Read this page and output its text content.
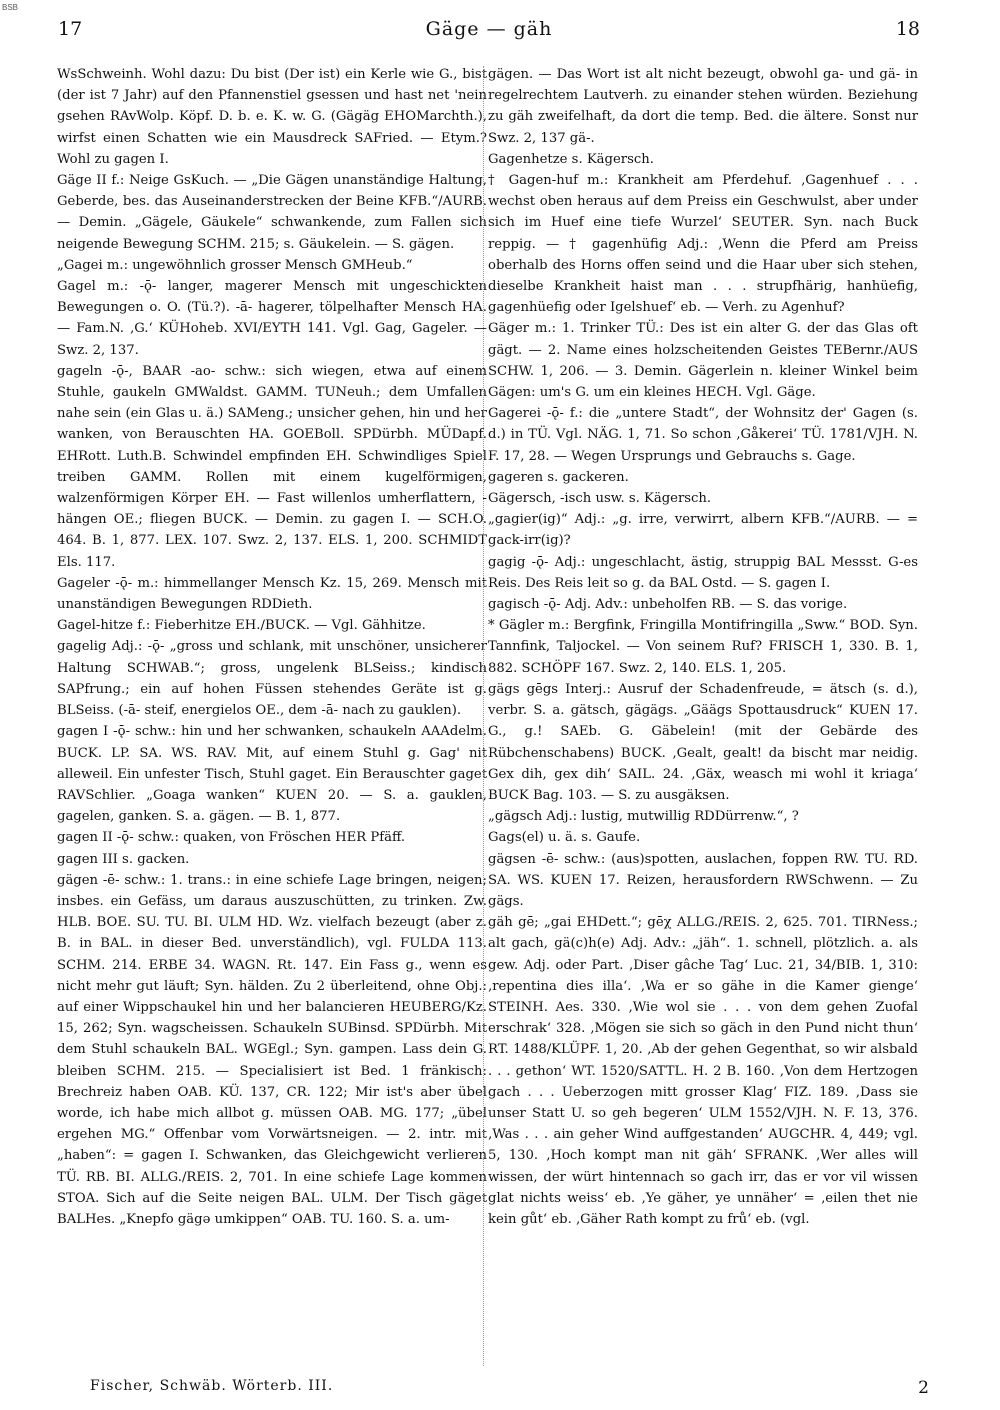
BSB
17	Gäge — gäh	18

WsSchweinh. Wohl dazu: Du bist (Der ist) ein Kerle wie G., bist (der ist 7 Jahr) auf den Pfannenstiel gsessen und hast net 'nein gsehen RAvWolp. Köpf. D. b. e. K. w. G. (Gägäg EHOMarchth.), wirfst einen Schatten wie ein Mausdreck SAFried. — Etym.? Wohl zu gagen I.

Gäge II f.: Neige GsKuch. — „Die Gägen unanständige Haltung, Geberde, bes. das Auseinanderstrecken der Beine KFB.“/AURB. — Demin. „Gägele, Gäukele“ schwankende, zum Fallen sich neigende Bewegung SCHM. 215; s. Gäukelein. — S. gägen.

„Gagei m.: ungewöhnlich grosser Mensch GMHeub.“

Gagel m.: -ǭ- langer, magerer Mensch mit ungeschickten Bewegungen o. O. (Tü.?). -ā- hagerer, tölpelhafter Mensch HA. — Fam.N. ‚G.‘ KÜHoheb. XVI/EYTH 141. Vgl. Gag, Gageler. — Swz. 2, 137.

gageln -ǭ-, BAAR -ao- schw.: sich wiegen, etwa auf einem Stuhle, gaukeln GMWaldst. GAMM. TUNeuh.; dem Umfallen nahe sein (ein Glas u. ä.) SAMeng.; unsicher gehen, hin und her wanken, von Berauschten HA. GOEBoll. SPDürbh. MÜDapf. EHRott. Luth.B. Schwindel empfinden EH. Schwindliges Spiel treiben GAMM. Rollen mit einem kugelförmigen, walzenförmigen Körper EH. — Fast willenlos umherflattern, -hängen OE.; fliegen BUCK. — Demin. zu gagen I. — SCH.O. 464. B. 1, 877. LEX. 107. Swz. 2, 137. ELS. 1, 200. SCHMIDT Els. 117.

Gageler -ǭ- m.: himmellanger Mensch Kz. 15, 269. Mensch mit unanständigen Bewegungen RDDieth.

Gagel-hitze f.: Fieberhitze EH./BUCK. — Vgl. Gähhitze.

gagelig Adj.: -ǭ- „gross und schlank, mit unschöner, unsicherer Haltung SCHWAB.“; gross, ungelenk BLSeiss.; kindisch SAPfrung.; ein auf hohen Füssen stehendes Geräte ist g. BLSeiss. (-ā- steif, energielos OE., dem -ā- nach zu gauklen).

gagen I -ǭ- schw.: hin und her schwanken, schaukeln AAAdelm. BUCK. LP. SA. WS. RAV. Mit, auf einem Stuhl g. Gag' nit alleweil. Ein unfester Tisch, Stuhl gaget. Ein Berauschter gaget RAVSchlier. „Goaga wanken“ KUEN 20. — S. a. gauklen, gagelen, ganken. S. a. gägen. — B. 1, 877.

gagen II -ǭ- schw.: quaken, von Fröschen HER Pfäff.

gagen III s. gacken.

gägen -ē- schw.: 1. trans.: in eine schiefe Lage bringen, neigen; insbes. ein Gefäss, um daraus auszuschütten, zu trinken. Zw. HLB. BOE. SU. TU. BI. ULM HD. Wz. vielfach bezeugt (aber z. B. in BAL. in dieser Bed. unverständlich), vgl. FULDA 113. SCHM. 214. ERBE 34. WAGN. Rt. 147. Ein Fass g., wenn es nicht mehr gut läuft; Syn. hälden. Zu 2 überleitend, ohne Obj.: auf einer Wippschaukel hin und her balancieren HEUBERG/Kz. 15, 262; Syn. wagscheissen. Schaukeln SUBinsd. SPDürbh. Mit dem Stuhl schaukeln BAL. WGEgl.; Syn. gampen. Lass dein G. bleiben SCHM. 215. — Specialisiert ist Bed. 1 fränkisch: Brechreiz haben OAB. KÜ. 137, CR. 122; Mir ist's aber übel worde, ich habe mich allbot g. müssen OAB. MG. 177; „übel ergehen MG.“ Offenbar vom Vorwärtsneigen. — 2. intr. mit „haben“: = gagen I. Schwanken, das Gleichgewicht verlieren TÜ. RB. BI. ALLG./REIS. 2, 701. In eine schiefe Lage kommen STOA. Sich auf die Seite neigen BAL. ULM. Der Tisch gäget BALHes. „Knepfo gägə umkippen“ OAB. TU. 160. S. a. um-

gägen. — Das Wort ist alt nicht bezeugt, obwohl ga- und gä- in regelrechtem Lautverh. zu einander stehen würden. Beziehung zu gäh zweifelhaft, da dort die temp. Bed. die ältere. Sonst nur Swz. 2, 137 gä-.

Gagenhetze s. Kägersch.

† Gagen-huf m.: Krankheit am Pferdehuf. ‚Gagenhuef . . . wechst oben heraus auf dem Preiss ein Geschwulst, aber under sich im Huef eine tiefe Wurzel‘ SEUTER. Syn. nach Buck reppig. — † gagenhüfig Adj.: ‚Wenn die Pferd am Preiss oberhalb des Horns offen seind und die Haar uber sich stehen, dieselbe Krankheit haist man . . . strupfhärig, hanhüefig, gagenhüefig oder Igelshuef‘ eb. — Verh. zu Agenhuf?

Gäger m.: 1. Trinker TÜ.: Des ist ein alter G. der das Glas oft gägt. — 2. Name eines holzscheitenden Geistes TEBernr./AUS SCHW. 1, 206. — 3. Demin. Gägerlein n. kleiner Winkel beim Gägen: um's G. um ein kleines HECH. Vgl. Gäge.

Gagerei -ǭ- f.: die „untere Stadt“, der Wohnsitz der' Gagen (s. d.) in TÜ. Vgl. NÄG. 1, 71. So schon ‚Gåkerei‘ TÜ. 1781/VJH. N. F. 17, 28. — Wegen Ursprungs und Gebrauchs s. Gage.

gageren s. gackeren.

Gägersch, -isch usw. s. Kägersch.

„gagier(ig)“ Adj.: „g. irre, verwirrt, albern KFB.“/AURB. — = gack-irr(ig)?

gagig -ǭ- Adj.: ungeschlacht, ästig, struppig BAL Messst. G-es Reis. Des Reis leit so g. da BAL Ostd. — S. gagen I.

gagisch -ǭ- Adj. Adv.: unbeholfen RB. — S. das vorige.

* Gägler m.: Bergfink, Fringilla Montifringilla „Sww.“ BOD. Syn. Tannfink, Taljockel. — Von seinem Ruf? FRISCH 1, 330. B. 1, 882. SCHÖPF 167. Swz. 2, 140. ELS. 1, 205.

gägs gēgs Interj.: Ausruf der Schadenfreude, = ätsch (s. d.), verbr. S. a. gätsch, gägägs. „Gäägs Spottausdruck“ KUEN 17. G., g.! SAEb. G. Gäbelein! (mit der Gebärde des Rübchenschabens) BUCK. ‚Gealt, gealt! da bischt mar neidig. Gex dih, gex dih‘ SAIL. 24. ‚Gäx, weasch mi wohl it kriaga‘ BUCK Bag. 103. — S. zu ausgäksen.

„gägsch Adj.: lustig, mutwillig RDDürrenw.“, ?

Gags(el) u. ä. s. Gaufe.

gägsen -ē- schw.: (aus)spotten, auslachen, foppen RW. TU. RD. SA. WS. KUEN 17. Reizen, herausfordern RWSchwenn. — Zu gägs.

gäh gē; „gai EHDett.“; gēχ ALLG./REIS. 2, 625. 701. TIRNess.; alt gach, gä(c)h(e) Adj. Adv.: „jäh“. 1. schnell, plötzlich. a. als gew. Adj. oder Part. ‚Diser gâche Tag‘ Luc. 21, 34/BIB. 1, 310: ‚repentina dies illa‘. ‚Wa er so gähe in die Kamer gienge‘ STEINH. Aes. 330. ‚Wie wol sie . . . von dem gehen Zuofal erschrak‘ 328. ‚Mögen sie sich so gäch in den Pund nicht thun‘ RT. 1488/KLÜPF. 1, 20. ‚Ab der gehen Gegenthat, so wir alsbald . . . gethon‘ WT. 1520/SATTL. H. 2 B. 160. ‚Von dem Hertzogen gach . . . Ueberzogen mitt grosser Klag‘ FIZ. 189. ‚Dass sie unser Statt U. so geh begeren‘ ULM 1552/VJH. N. F. 13, 376. ‚Was . . . ain geher Wind auffgestanden‘ AUGCHR. 4, 449; vgl. 5, 130. ‚Hoch kompt man nit gäh‘ SFRANK. ‚Wer alles will wissen, der würt hintennach so gach irr, das er vor vil wissen glat nichts weiss‘ eb. ‚Ye gäher, ye unnäher‘ = ‚eilen thet nie kein gůt‘ eb. ‚Gäher Rath kompt zu frů‘ eb. (vgl.

Fischer, Schwäb. Wörterb. III.	2
